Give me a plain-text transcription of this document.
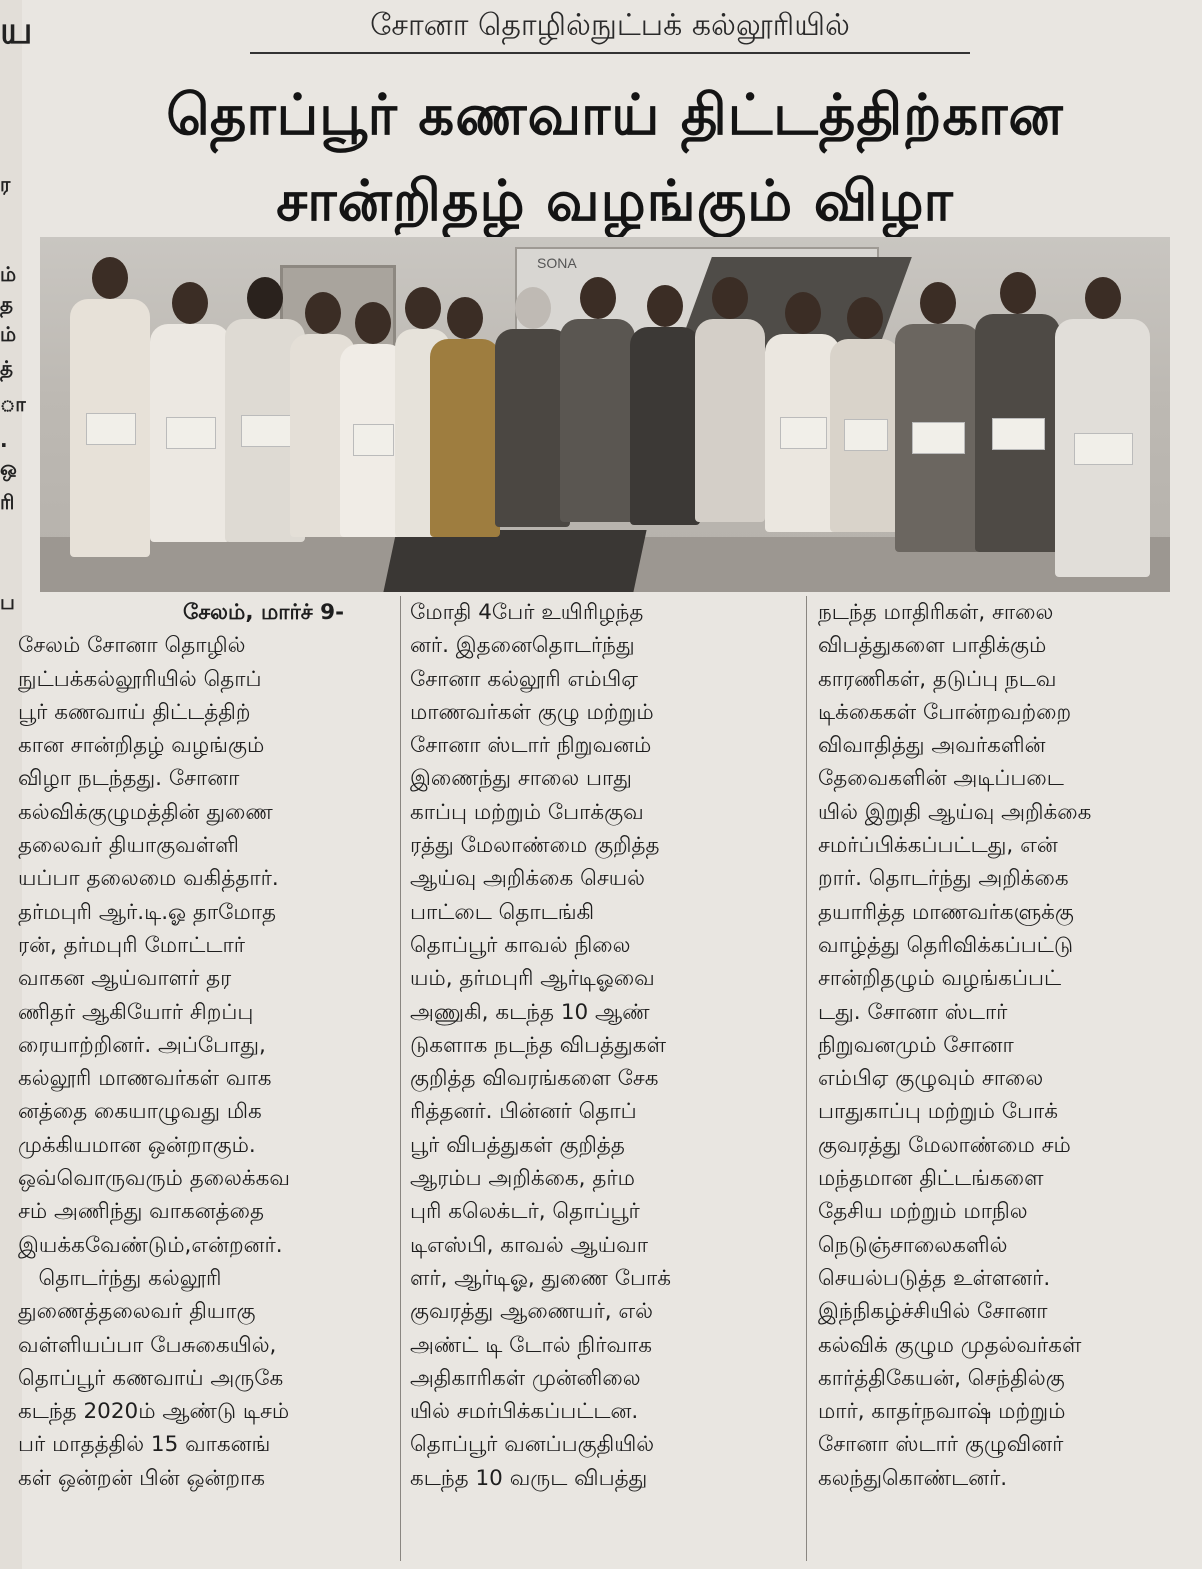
ய
ர
ம்
த
ம்
த்
ா
.
ஒ
ரி
ப
சோனா தொழில்நுட்பக் கல்லூரியில்
தொப்பூர் கணவாய் திட்டத்திற்கான
சான்றிதழ் வழங்கும் விழா
SONA

சேலம், மார்ச் 9-

சேலம் சோனா தொழில்

நுட்பக்கல்லூரியில் தொப்

பூர் கணவாய் திட்டத்திற்

கான சான்றிதழ் வழங்கும்

விழா நடந்தது. சோனா

கல்விக்குழுமத்தின் துணை

தலைவர் தியாகுவள்ளி

யப்பா தலைமை வகித்தார்.

தர்மபுரி ஆர்.டி.ஓ தாமோத

ரன், தர்மபுரி மோட்டார்

வாகன ஆய்வாளர் தர

ணிதர் ஆகியோர் சிறப்பு

ரையாற்றினர். அப்போது,

கல்லூரி மாணவர்கள் வாக

னத்தை கையாழுவது மிக

முக்கியமான ஒன்றாகும்.

ஒவ்வொருவரும் தலைக்கவ

சம் அணிந்து வாகனத்தை

இயக்கவேண்டும்,என்றனர்.

தொடர்ந்து கல்லூரி

துணைத்தலைவர் தியாகு

வள்ளியப்பா பேசுகையில்,

தொப்பூர் கணவாய் அருகே

கடந்த 2020ம் ஆண்டு டிசம்

பர் மாதத்தில் 15 வாகனங்

கள் ஒன்றன் பின் ஒன்றாக

மோதி 4பேர் உயிரிழந்த

னர். இதனைதொடர்ந்து

சோனா கல்லூரி எம்பிஏ

மாணவர்கள் குழு மற்றும்

சோனா ஸ்டார் நிறுவனம்

இணைந்து சாலை பாது

காப்பு மற்றும் போக்குவ

ரத்து மேலாண்மை குறித்த

ஆய்வு அறிக்கை செயல்

பாட்டை தொடங்கி

தொப்பூர் காவல் நிலை

யம், தர்மபுரி ஆர்டிஓவை

அணுகி, கடந்த 10 ஆண்

டுகளாக நடந்த விபத்துகள்

குறித்த விவரங்களை சேக

ரித்தனர். பின்னர் தொப்

பூர் விபத்துகள் குறித்த

ஆரம்ப அறிக்கை, தர்ம

புரி கலெக்டர், தொப்பூர்

டிஎஸ்பி, காவல் ஆய்வா

ளர், ஆர்டிஓ, துணை போக்

குவரத்து ஆணையர், எல்

அண்ட் டி டோல் நிர்வாக

அதிகாரிகள் முன்னிலை

யில் சமர்பிக்கப்பட்டன.

தொப்பூர் வனப்பகுதியில்

கடந்த 10 வருட விபத்து

நடந்த மாதிரிகள், சாலை

விபத்துகளை பாதிக்கும்

காரணிகள், தடுப்பு நடவ

டிக்கைகள் போன்றவற்றை

விவாதித்து அவர்களின்

தேவைகளின் அடிப்படை

யில் இறுதி ஆய்வு அறிக்கை

சமர்ப்பிக்கப்பட்டது, என்

றார். தொடர்ந்து அறிக்கை

தயாரித்த மாணவர்களுக்கு

வாழ்த்து தெரிவிக்கப்பட்டு

சான்றிதழும் வழங்கப்பட்

டது. சோனா ஸ்டார்

நிறுவனமும் சோனா

எம்பிஏ குழுவும் சாலை

பாதுகாப்பு மற்றும் போக்

குவரத்து மேலாண்மை சம்

மந்தமான திட்டங்களை

தேசிய மற்றும் மாநில

நெடுஞ்சாலைகளில்

செயல்படுத்த உள்ளனர்.

இந்நிகழ்ச்சியில் சோனா

கல்விக் குழும முதல்வர்கள்

கார்த்திகேயன், செந்தில்கு

மார், காதர்நவாஷ் மற்றும்

சோனா ஸ்டார் குழுவினர்

கலந்துகொண்டனர்.
